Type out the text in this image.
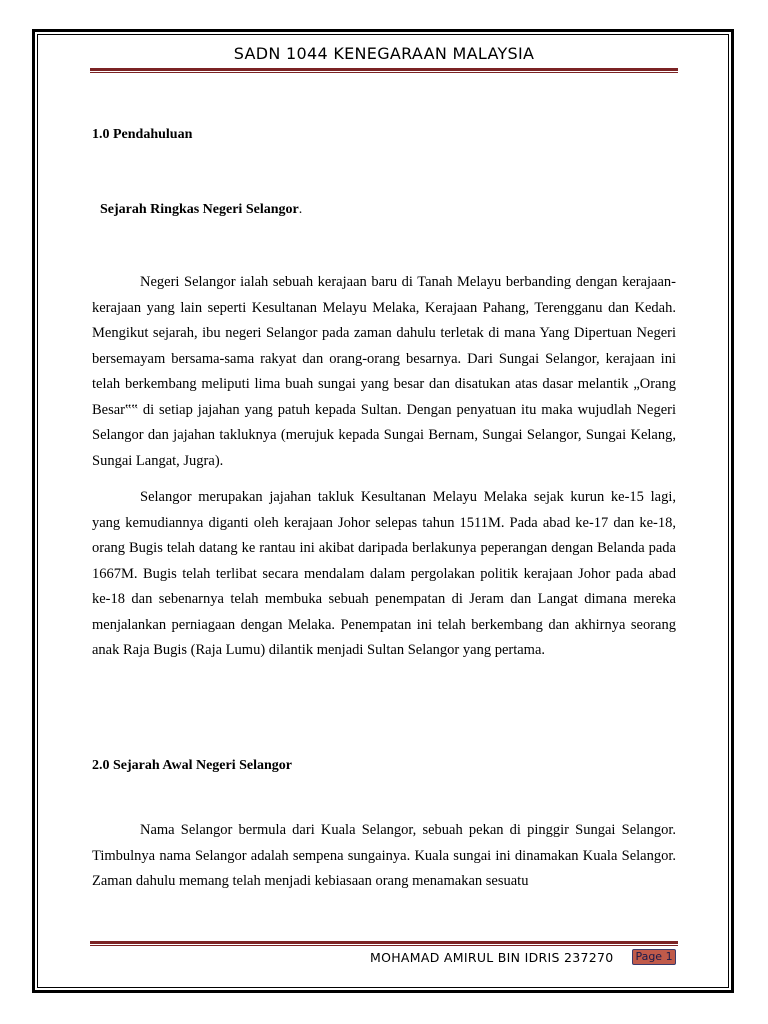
SADN 1044 KENEGARAAN MALAYSIA
1.0 Pendahuluan
Sejarah Ringkas Negeri Selangor.

Negeri Selangor ialah sebuah kerajaan baru di Tanah Melayu berbanding dengan kerajaan-kerajaan yang lain seperti Kesultanan Melayu Melaka, Kerajaan Pahang, Terengganu dan Kedah. Mengikut sejarah, ibu negeri Selangor pada zaman dahulu terletak di mana Yang Dipertuan Negeri bersemayam bersama-sama rakyat dan orang-orang besarnya. Dari Sungai Selangor, kerajaan ini telah berkembang meliputi lima buah sungai yang besar dan disatukan atas dasar melantik „Orang Besar‟‟ di setiap jajahan yang patuh kepada Sultan. Dengan penyatuan itu maka wujudlah Negeri Selangor dan jajahan takluknya (merujuk kepada Sungai Bernam, Sungai Selangor, Sungai Kelang, Sungai Langat, Jugra).

Selangor merupakan jajahan takluk Kesultanan Melayu Melaka sejak kurun ke-15 lagi, yang kemudiannya diganti oleh kerajaan Johor selepas tahun 1511M. Pada abad ke-17 dan ke-18, orang Bugis telah datang ke rantau ini akibat daripada berlakunya peperangan dengan Belanda pada 1667M. Bugis telah terlibat secara mendalam dalam pergolakan politik kerajaan Johor pada abad ke-18 dan sebenarnya telah membuka sebuah penempatan di Jeram dan Langat dimana mereka menjalankan perniagaan dengan Melaka. Penempatan ini telah berkembang dan akhirnya seorang anak Raja Bugis (Raja Lumu) dilantik menjadi Sultan Selangor yang pertama.

2.0 Sejarah Awal Negeri Selangor

Nama Selangor bermula dari Kuala Selangor, sebuah pekan di pinggir Sungai Selangor. Timbulnya nama Selangor adalah sempena sungainya. Kuala sungai ini dinamakan Kuala Selangor. Zaman dahulu memang telah menjadi kebiasaan orang menamakan sesuatu

MOHAMAD AMIRUL BIN IDRIS 237270	Page 1
